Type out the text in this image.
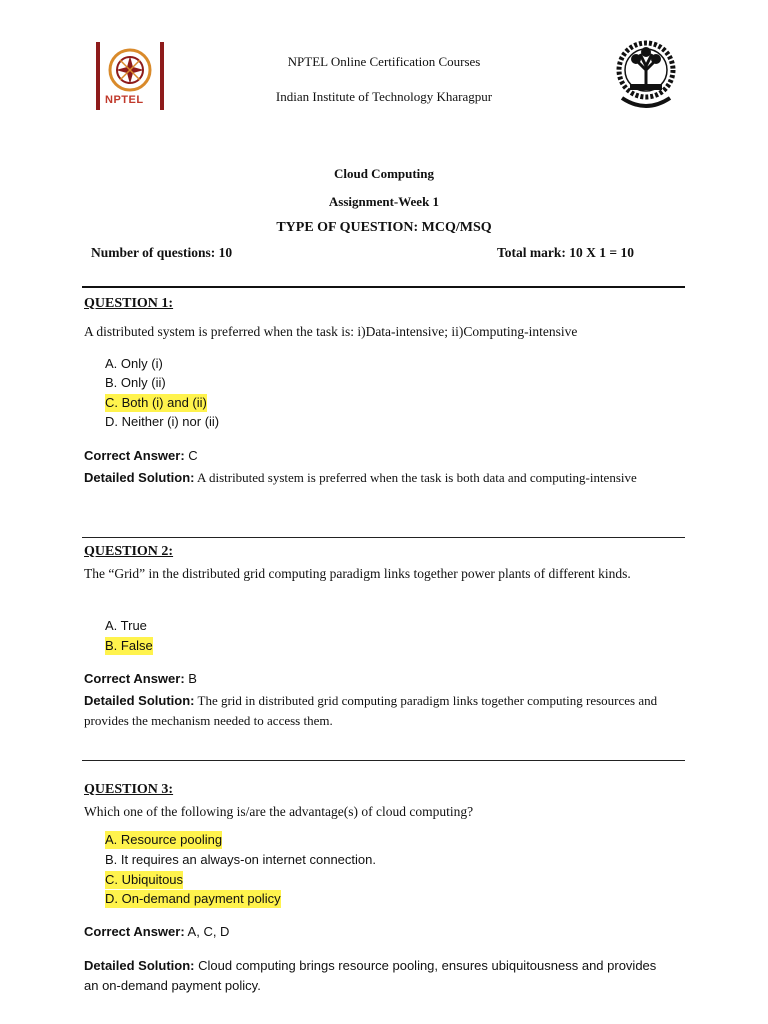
NPTEL
NPTEL Online Certification Courses
Indian Institute of Technology Kharagpur
Cloud Computing
Assignment-Week 1
TYPE OF QUESTION: MCQ/MSQ
Number of questions: 10	Total mark: 10 X 1 = 10
QUESTION 1:
A distributed system is preferred when the task is: i)Data-intensive; ii)Computing-intensive
A. Only (i)
B. Only (ii)
C. Both (i) and (ii)
D. Neither (i) nor (ii)
Correct Answer: C
Detailed Solution: A distributed system is preferred when the task is both data and computing-intensive
QUESTION 2:
The “Grid” in the distributed grid computing paradigm links together power plants of different kinds.
A. True
B. False
Correct Answer: B
Detailed Solution: The grid in distributed grid computing paradigm links together computing resources and provides the mechanism needed to access them.
QUESTION 3:
Which one of the following is/are the advantage(s) of cloud computing?
A. Resource pooling
B. It requires an always-on internet connection.
C. Ubiquitous
D. On-demand payment policy
Correct Answer: A, C, D
Detailed Solution: Cloud computing brings resource pooling, ensures ubiquitousness and provides an on-demand payment policy.
